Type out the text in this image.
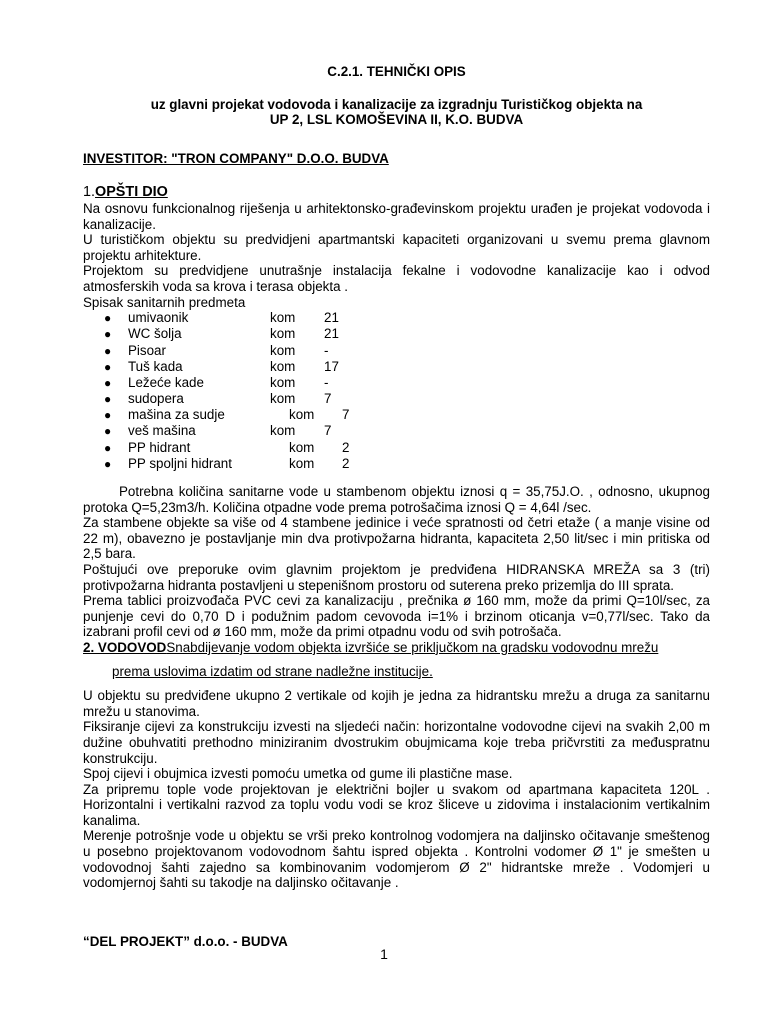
C.2.1. TEHNIČKI OPIS

uz glavni projekat vodovoda i kanalizacije za izgradnju Turističkog objekta na

UP 2, LSL KOMOŠEVINA II, K.O. BUDVA

INVESTITOR: "TRON COMPANY" D.O.O. BUDVA
1.OPŠTI DIO

Na osnovu funkcionalnog riješenja u arhitektonsko-građevinskom projektu urađen je projekat vodovoda i kanalizacije.

U turističkom objektu su predvidjeni apartmantski kapaciteti organizovani u svemu prema glavnom projektu arhitekture.

Projektom su predvidjene unutrašnje instalacija fekalne i vodovodne kanalizacije kao i odvod atmosferskih voda sa krova i terasa objekta .

Spisak sanitarnih predmeta

● umivaonik	kom 21
● WC šolja	kom 21
● Pisoar	kom -
● Tuš kada	kom 17
● Ležeće kade	kom -
● sudopera	kom 7
● mašina za sudje	kom 7
● veš mašina	kom 7
● PP hidrant	kom 2
● PP spoljni hidrant	kom 2

Potrebna količina sanitarne vode u stambenom objektu iznosi q = 35,75J.O. , odnosno, ukupnog protoka Q=5,23m3/h. Količina otpadne vode prema potrošačima iznosi Q = 4,64l /sec.

Za stambene objekte sa više od 4 stambene jedinice i veće spratnosti od četri etaže ( a manje visine od 22 m), obavezno je postavljanje min dva protivpožarna hidranta, kapaciteta 2,50 lit/sec i min pritiska od 2,5 bara.

Poštujući ove preporuke ovim glavnim projektom je predviđena HIDRANSKA MREŽA sa 3 (tri) protivpožarna hidranta postavljeni u stepenišnom prostoru od suterena preko prizemlja do III sprata.

Prema tablici proizvođača PVC cevi za kanalizaciju , prečnika ø 160 mm, može da primi Q=10l/sec, za punjenje cevi do 0,70 D i podužnim padom cevovoda i=1% i brzinom oticanja v=0,77l/sec. Tako da izabrani profil cevi od ø 160 mm, može da primi otpadnu vodu od svih potrošača.

2. VODOVODSnabdijevanje vodom objekta izvršiće se priključkom na gradsku vodovodnu mrežu

prema uslovima izdatim od strane nadležne institucije.

U objektu su predviđene ukupno 2 vertikale od kojih je jedna za hidrantsku mrežu a druga za sanitarnu mrežu u stanovima.

Fiksiranje cijevi za konstrukciju izvesti na sljedeći način: horizontalne vodovodne cijevi na svakih 2,00 m dužine obuhvatiti prethodno miniziranim dvostrukim obujmicama koje treba pričvrstiti za međuspratnu konstrukciju.

Spoj cijevi i obujmica izvesti pomoću umetka od gume ili plastične mase.

Za pripremu tople vode projektovan je električni bojler u svakom od apartmana kapaciteta 120L . Horizontalni i vertikalni razvod za toplu vodu vodi se kroz šliceve u zidovima i instalacionim vertikalnim kanalima.

Merenje potrošnje vode u objektu se vrši preko kontrolnog vodomjera na daljinsko očitavanje smeštenog u posebno projektovanom vodovodnom šahtu ispred objekta . Kontrolni vodomer Ø 1" je smešten u vodovodnoj šahti zajedno sa kombinovanim vodomjerom Ø 2" hidrantske mreže . Vodomjeri u vodomjernoj šahti su takodje na daljinsko očitavanje .

“DEL PROJEKT” d.o.o. - BUDVA
1
